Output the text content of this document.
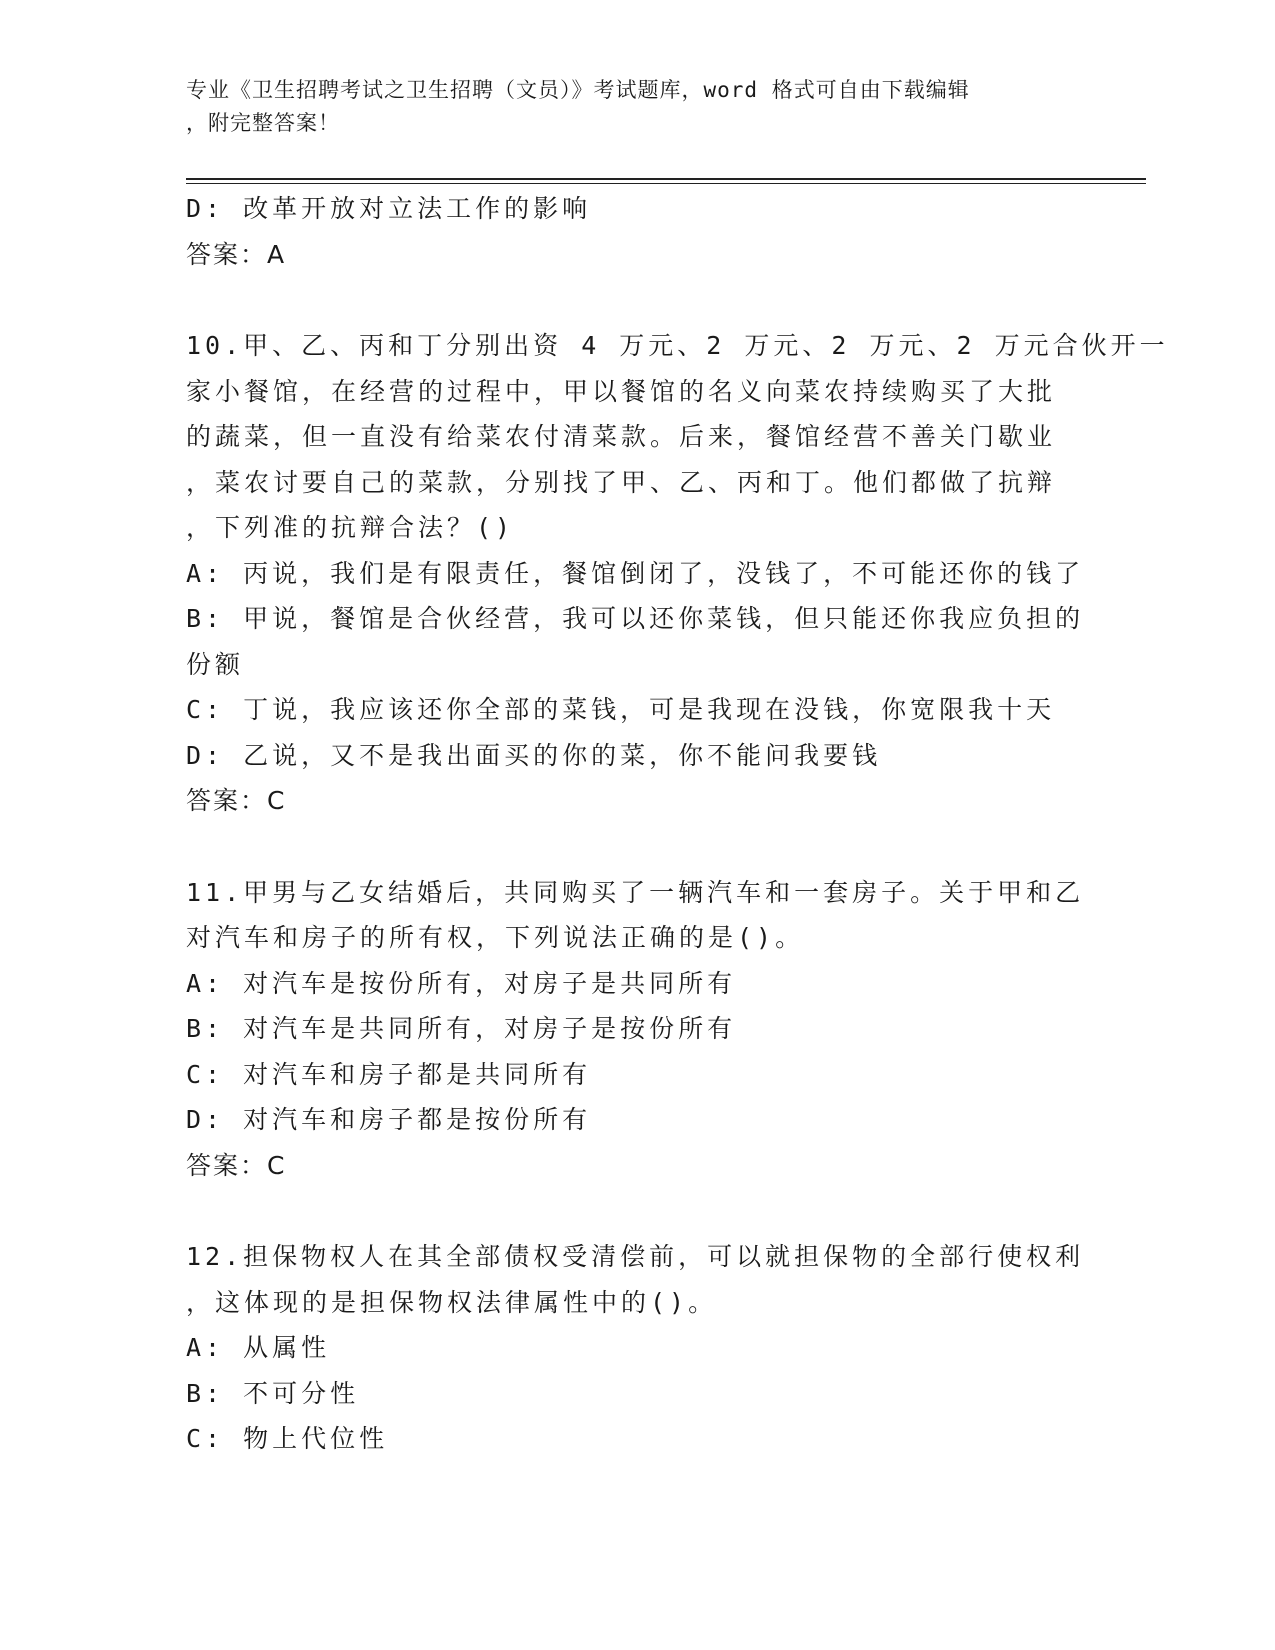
专业《卫生招聘考试之卫生招聘（文员）》考试题库，word 格式可自由下载编辑
，附完整答案！
D: 改革开放对立法工作的影响
答案：A
10.甲、乙、丙和丁分别出资 4 万元、2 万元、2 万元、2 万元合伙开一
家小餐馆，在经营的过程中，甲以餐馆的名义向菜农持续购买了大批
的蔬菜，但一直没有给菜农付清菜款。后来，餐馆经营不善关门歇业
，菜农讨要自己的菜款，分别找了甲、乙、丙和丁。他们都做了抗辩
，下列准的抗辩合法？()
A: 丙说，我们是有限责任，餐馆倒闭了，没钱了，不可能还你的钱了
B: 甲说，餐馆是合伙经营，我可以还你菜钱，但只能还你我应负担的
份额
C: 丁说，我应该还你全部的菜钱，可是我现在没钱，你宽限我十天
D: 乙说，又不是我出面买的你的菜，你不能问我要钱
答案：C
11.甲男与乙女结婚后，共同购买了一辆汽车和一套房子。关于甲和乙
对汽车和房子的所有权，下列说法正确的是()。
A: 对汽车是按份所有，对房子是共同所有
B: 对汽车是共同所有，对房子是按份所有
C: 对汽车和房子都是共同所有
D: 对汽车和房子都是按份所有
答案：C
12.担保物权人在其全部债权受清偿前，可以就担保物的全部行使权利
，这体现的是担保物权法律属性中的()。
A: 从属性
B: 不可分性
C: 物上代位性
